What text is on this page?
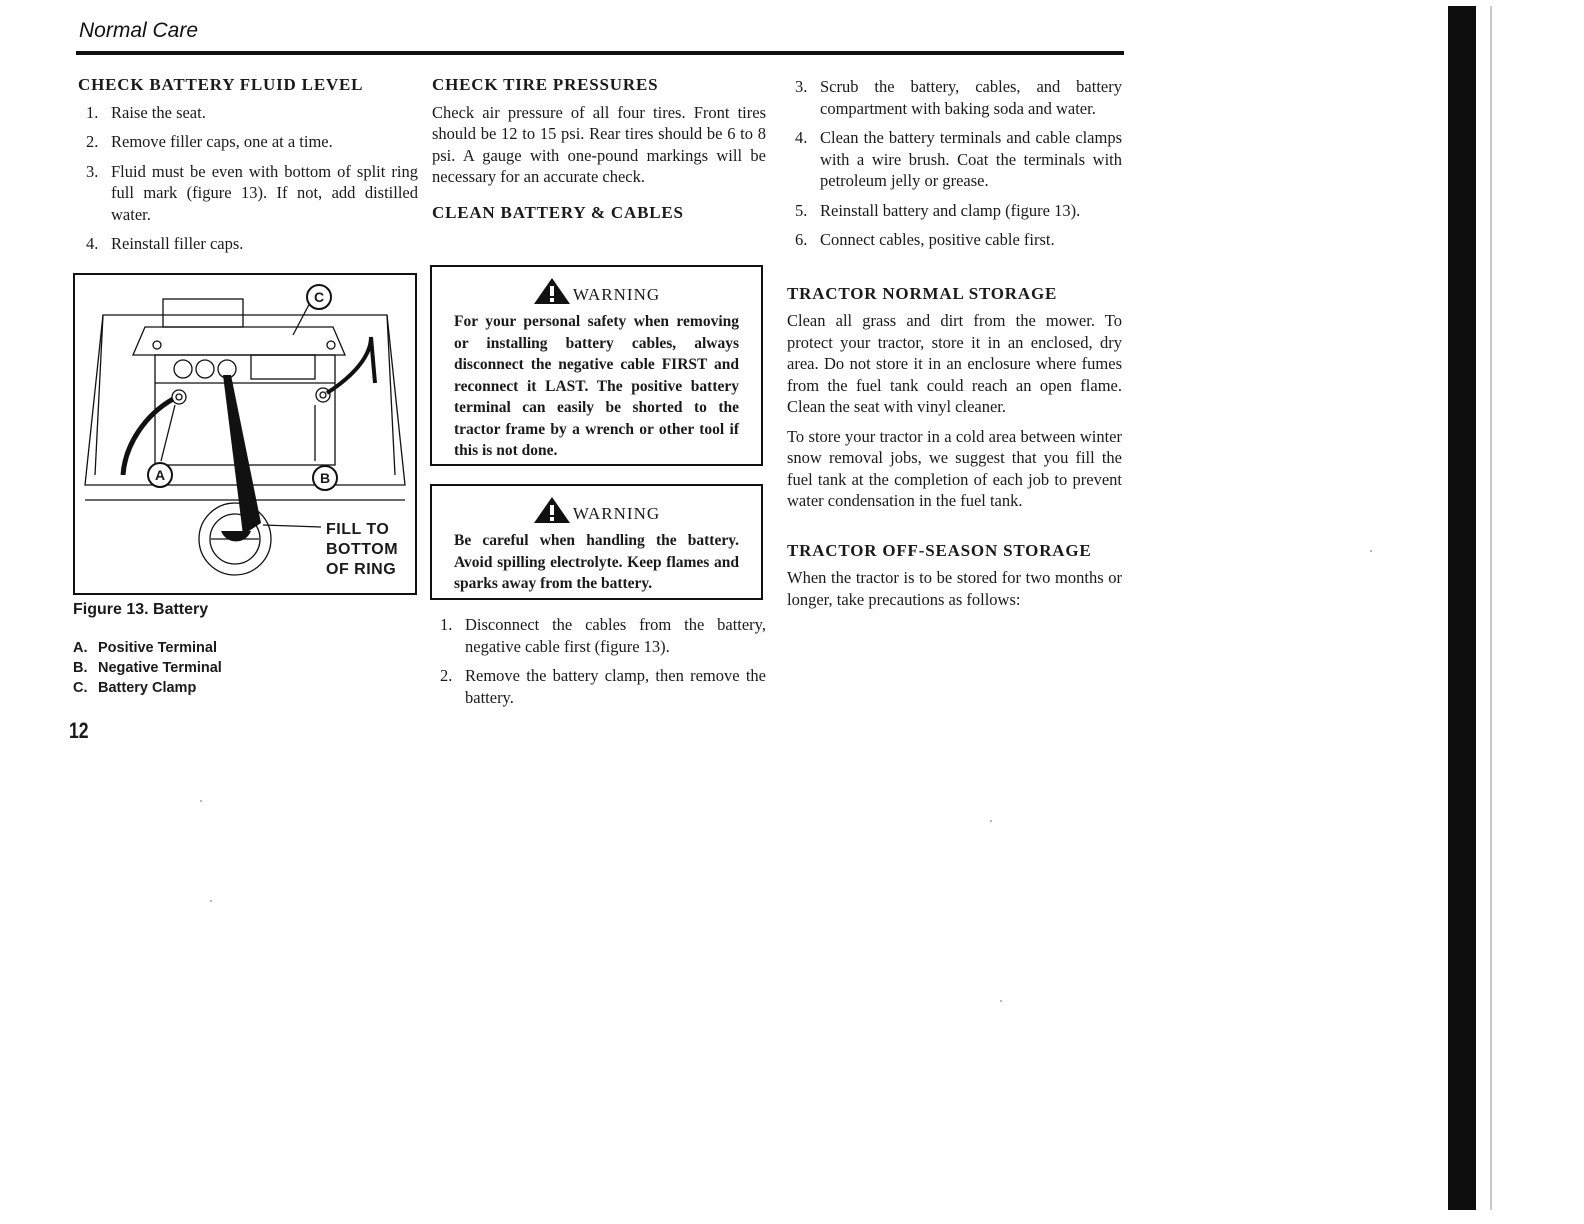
Normal Care
CHECK BATTERY FLUID LEVEL
1. Raise the seat.
2. Remove filler caps, one at a time.
3. Fluid must be even with bottom of split ring full mark (figure 13). If not, add distilled water.
4. Reinstall filler caps.
C
A	B
FILL TO
BOTTOM
OF RING
Figure 13. Battery
A. Positive Terminal
B. Negative Terminal
C. Battery Clamp
12
CHECK TIRE PRESSURES

Check air pressure of all four tires. Front tires should be 12 to 15 psi. Rear tires should be 6 to 8 psi. A gauge with one-pound markings will be necessary for an accurate check.

CLEAN BATTERY & CABLES
WARNING
For your personal safety when removing or installing battery cables, always disconnect the negative cable FIRST and reconnect it LAST. The positive battery terminal can easily be shorted to the tractor frame by a wrench or other tool if this is not done.
WARNING
Be careful when handling the battery. Avoid spilling electrolyte. Keep flames and sparks away from the battery.
1. Disconnect the cables from the battery, negative cable first (figure 13).
2. Remove the battery clamp, then remove the battery.
3. Scrub the battery, cables, and battery compartment with baking soda and water.
4. Clean the battery terminals and cable clamps with a wire brush. Coat the terminals with petroleum jelly or grease.
5. Reinstall battery and clamp (figure 13).
6. Connect cables, positive cable first.
TRACTOR NORMAL STORAGE

Clean all grass and dirt from the mower. To protect your tractor, store it in an enclosed, dry area. Do not store it in an enclosure where fumes from the fuel tank could reach an open flame. Clean the seat with vinyl cleaner.

To store your tractor in a cold area between winter snow removal jobs, we suggest that you fill the fuel tank at the completion of each job to prevent water condensation in the fuel tank.

TRACTOR OFF-SEASON STORAGE

When the tractor is to be stored for two months or longer, take precautions as follows:
